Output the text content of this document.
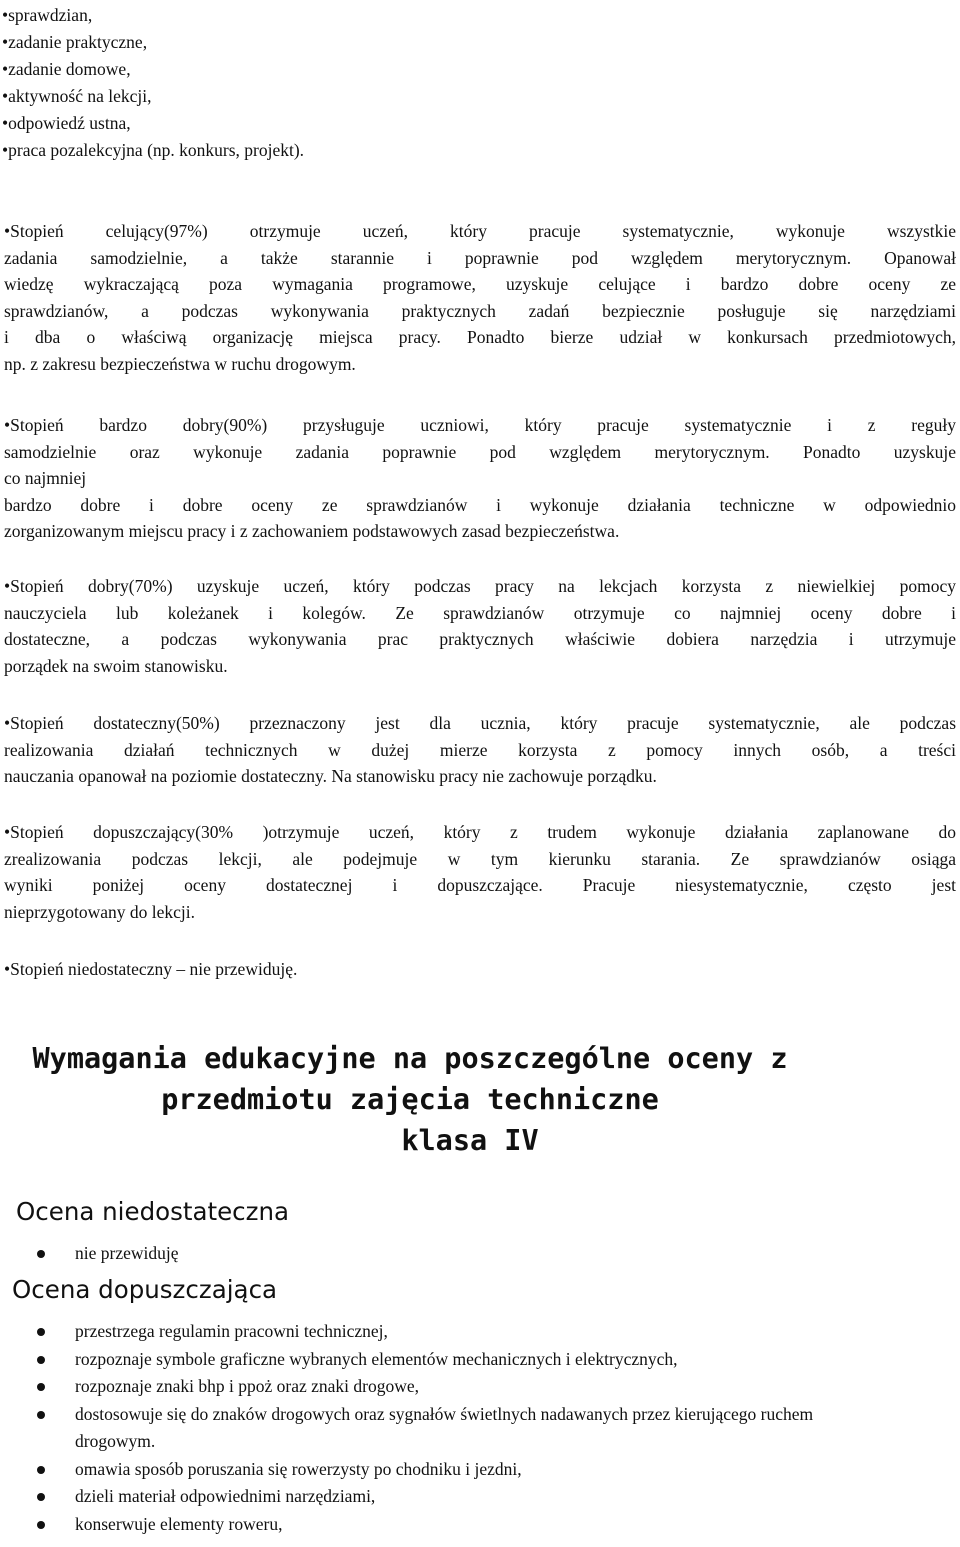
•sprawdzian,
•zadanie praktyczne,
•zadanie domowe,
•aktywność na lekcji,
•odpowiedź ustna,
•praca pozalekcyjna (np. konkurs, projekt).
•Stopień celujący(97%) otrzymuje uczeń, który pracuje systematycznie, wykonuje wszystkie
zadania samodzielnie, a także starannie i poprawnie pod względem merytorycznym. Opanował
wiedzę wykraczającą poza wymagania programowe, uzyskuje celujące i bardzo dobre oceny ze
sprawdzianów, a podczas wykonywania praktycznych zadań bezpiecznie posługuje się narzędziami
i dba o właściwą organizację miejsca pracy. Ponadto bierze udział w konkursach przedmiotowych,
np. z zakresu bezpieczeństwa w ruchu drogowym.
•Stopień bardzo dobry(90%) przysługuje uczniowi, który pracuje systematycznie i z reguły
samodzielnie oraz wykonuje zadania poprawnie pod względem merytorycznym. Ponadto uzyskuje
co najmniej
bardzo dobre i dobre oceny ze sprawdzianów i wykonuje działania techniczne w odpowiednio
zorganizowanym miejscu pracy i z zachowaniem podstawowych zasad bezpieczeństwa.
•Stopień dobry(70%) uzyskuje uczeń, który podczas pracy na lekcjach korzysta z niewielkiej pomocy
nauczyciela lub koleżanek i kolegów. Ze sprawdzianów otrzymuje co najmniej oceny dobre i
dostateczne, a podczas wykonywania prac praktycznych właściwie dobiera narzędzia i utrzymuje
porządek na swoim stanowisku.
•Stopień dostateczny(50%) przeznaczony jest dla ucznia, który pracuje systematycznie, ale podczas
realizowania działań technicznych w dużej mierze korzysta z pomocy innych osób, a treści
nauczania opanował na poziomie dostateczny. Na stanowisku pracy nie zachowuje porządku.
•Stopień dopuszczający(30% )otrzymuje uczeń, który z trudem wykonuje działania zaplanowane do
zrealizowania podczas lekcji, ale podejmuje w tym kierunku starania. Ze sprawdzianów osiąga
wyniki poniżej oceny dostatecznej i dopuszczające. Pracuje niesystematycznie, często jest
nieprzygotowany do lekcji.
•Stopień niedostateczny – nie przewiduję.
Wymagania edukacyjne na poszczególne oceny z
przedmiotu zajęcia techniczne
klasa IV
Ocena niedostateczna
nie przewiduję
Ocena dopuszczająca
przestrzega regulamin pracowni technicznej,
rozpoznaje symbole graficzne wybranych elementów mechanicznych i elektrycznych,
rozpoznaje znaki bhp i ppoż oraz znaki drogowe,
dostosowuje się do znaków drogowych oraz sygnałów świetlnych nadawanych przez kierującego ruchem drogowym.
omawia sposób poruszania się rowerzysty po chodniku i jezdni,
dzieli materiał odpowiednimi narzędziami,
konserwuje elementy roweru,
